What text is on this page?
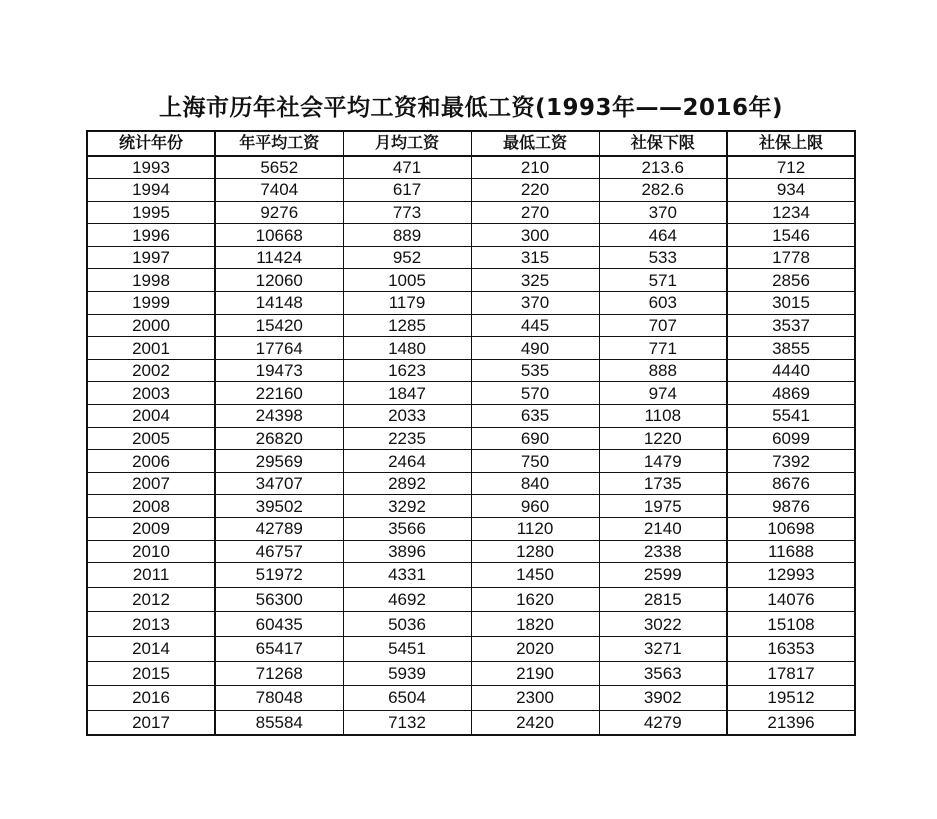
上海市历年社会平均工资和最低工资(1993年——2016年)
统计年份	年平均工资	月均工资	最低工资	社保下限	社保上限
1993	5652	471	210	213.6	712
1994	7404	617	220	282.6	934
1995	9276	773	270	370	1234
1996	10668	889	300	464	1546
1997	11424	952	315	533	1778
1998	12060	1005	325	571	2856
1999	14148	1179	370	603	3015
2000	15420	1285	445	707	3537
2001	17764	1480	490	771	3855
2002	19473	1623	535	888	4440
2003	22160	1847	570	974	4869
2004	24398	2033	635	1108	5541
2005	26820	2235	690	1220	6099
2006	29569	2464	750	1479	7392
2007	34707	2892	840	1735	8676
2008	39502	3292	960	1975	9876
2009	42789	3566	1120	2140	10698
2010	46757	3896	1280	2338	11688
2011	51972	4331	1450	2599	12993
2012	56300	4692	1620	2815	14076
2013	60435	5036	1820	3022	15108
2014	65417	5451	2020	3271	16353
2015	71268	5939	2190	3563	17817
2016	78048	6504	2300	3902	19512
2017	85584	7132	2420	4279	21396
